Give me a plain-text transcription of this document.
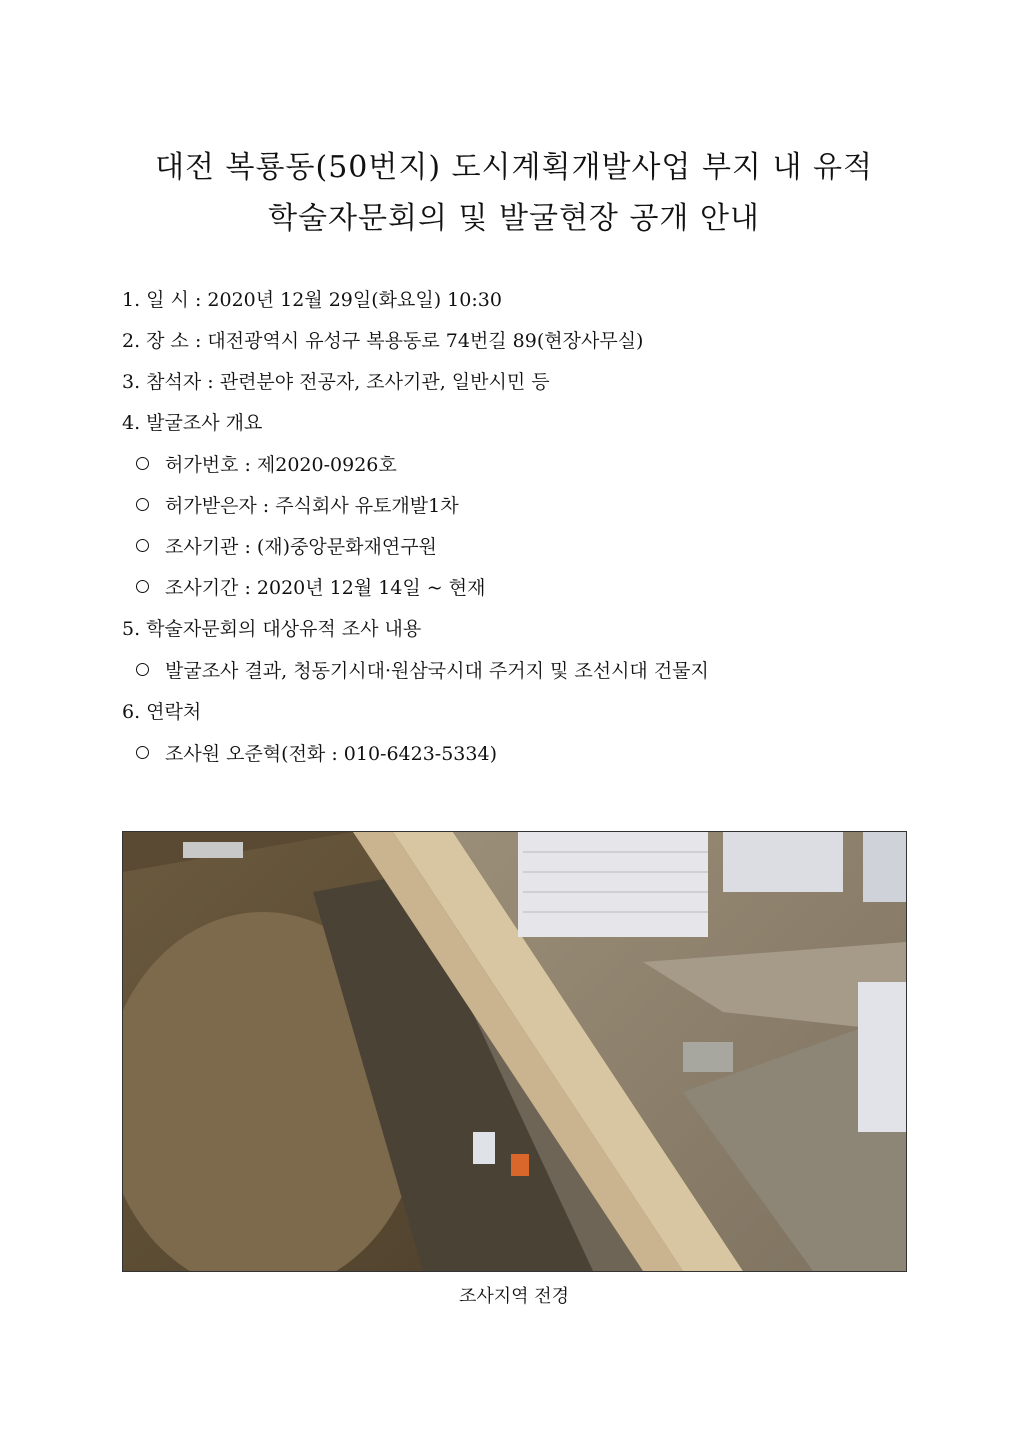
대전 복룡동(50번지) 도시계획개발사업 부지 내 유적
학술자문회의 및 발굴현장 공개 안내
1. 일 시 : 2020년 12월 29일(화요일) 10:30
2. 장 소 : 대전광역시 유성구 복용동로 74번길 89(현장사무실)
3. 참석자 : 관련분야 전공자, 조사기관, 일반시민 등
4. 발굴조사 개요
허가번호 : 제2020-0926호
허가받은자 : 주식회사 유토개발1차
조사기관 : (재)중앙문화재연구원
조사기간 : 2020년 12월 14일 ~ 현재
5. 학술자문회의 대상유적 조사 내용
발굴조사 결과, 청동기시대·원삼국시대 주거지 및 조선시대 건물지
6. 연락처
조사원 오준혁(전화 : 010-6423-5334)
조사지역 전경
